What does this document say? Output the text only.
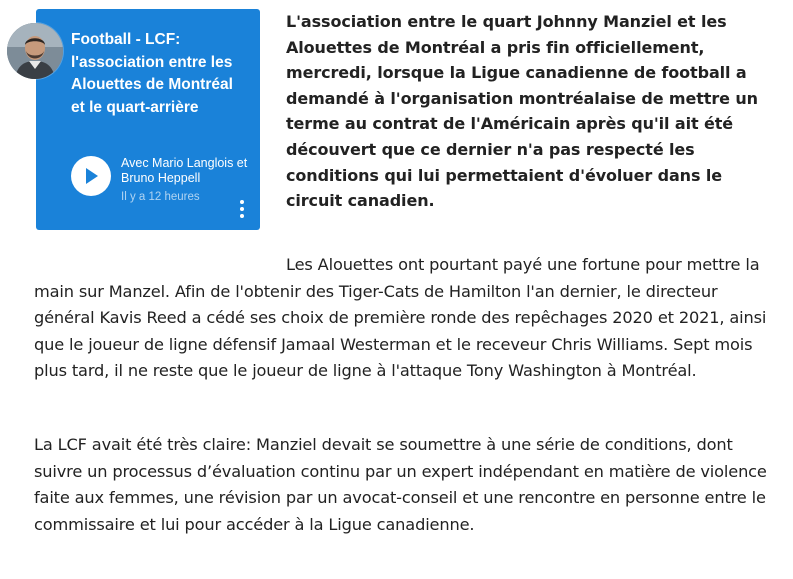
Football - LCF: l'association entre les Alouettes de Montréal et le quart-arrière

Avec Mario Langlois et Bruno Heppell
Il y a 12 heures

L'association entre le quart Johnny Manziel et les Alouettes de Montréal a pris fin officiellement, mercredi, lorsque la Ligue canadienne de football a demandé à l'organisation montréalaise de mettre un terme au contrat de l'Américain après qu'il ait été découvert que ce dernier n'a pas respecté les conditions qui lui permettaient d'évoluer dans le circuit canadien.

Les Alouettes ont pourtant payé une fortune pour mettre la main sur Manzel. Afin de l'obtenir des Tiger-Cats de Hamilton l'an dernier, le directeur général Kavis Reed a cédé ses choix de première ronde des repêchages 2020 et 2021, ainsi que le joueur de ligne défensif Jamaal Westerman et le receveur Chris Williams. Sept mois plus tard, il ne reste que le joueur de ligne à l'attaque Tony Washington à Montréal.

La LCF avait été très claire: Manziel devait se soumettre à une série de conditions, dont suivre un processus d’évaluation continu par un expert indépendant en matière de violence faite aux femmes, une révision par un avocat-conseil et une rencontre en personne entre le commissaire et lui pour accéder à la Ligue canadienne.
